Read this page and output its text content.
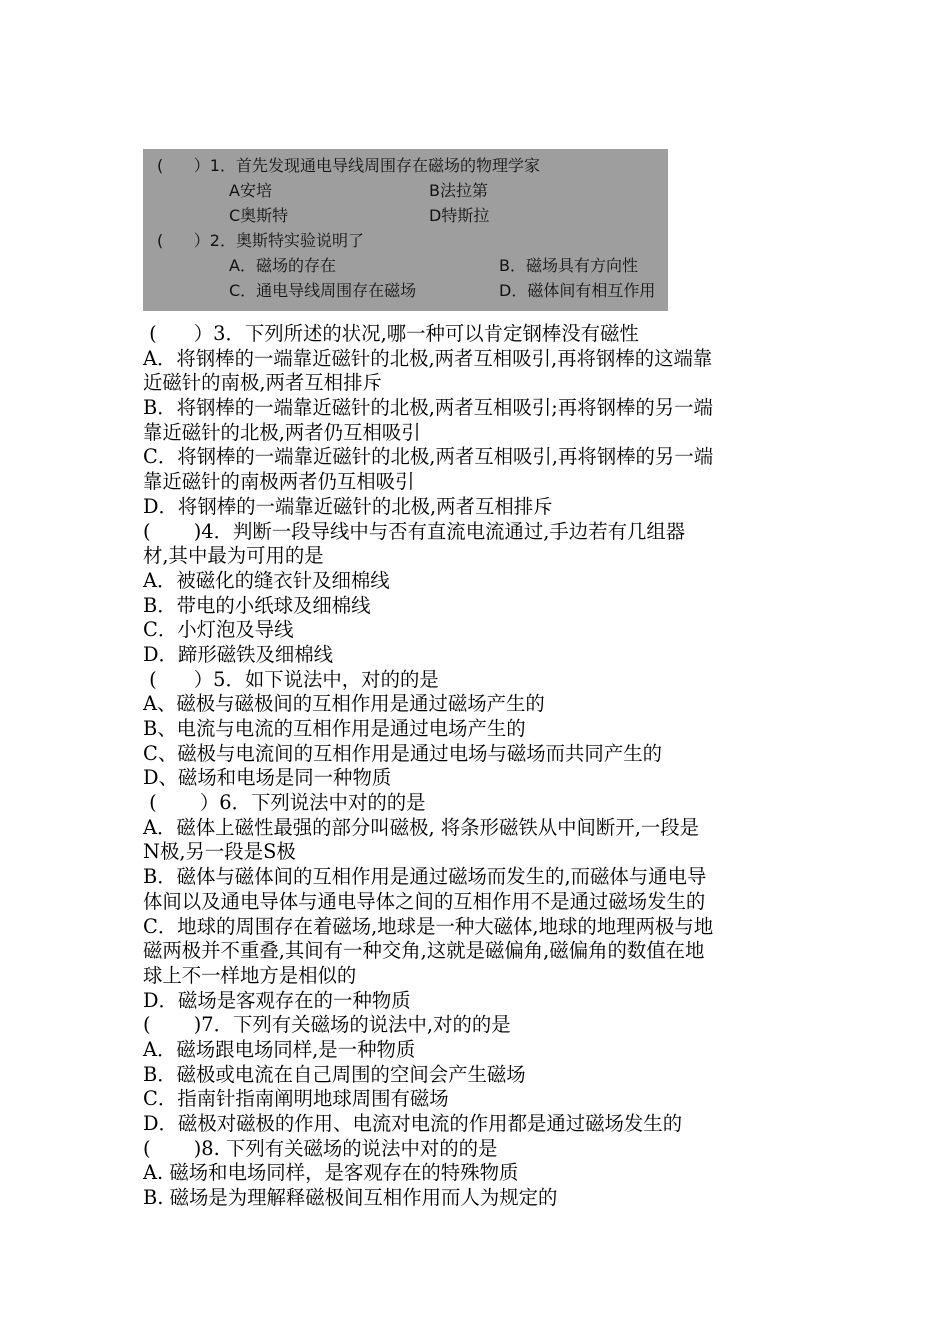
(      ）1．首先发现通电导线周围存在磁场的物理学家
A安培	B法拉第
C奥斯特	D特斯拉
(      ）2．奥斯特实验说明了
A．磁场的存在	B．磁场具有方向性
C．通电导线周围存在磁场	D．磁体间有相互作用
(      ）3．下列所述的状况,哪一种可以肯定钢棒没有磁性
A．将钢棒的一端靠近磁针的北极,两者互相吸引,再将钢棒的这端靠
近磁针的南极,两者互相排斥
B．将钢棒的一端靠近磁针的北极,两者互相吸引;再将钢棒的另一端
靠近磁针的北极,两者仍互相吸引
C．将钢棒的一端靠近磁针的北极,两者互相吸引,再将钢棒的另一端
靠近磁针的南极两者仍互相吸引
D．将钢棒的一端靠近磁针的北极,两者互相排斥
(       )4．判断一段导线中与否有直流电流通过,手边若有几组器
材,其中最为可用的是
A．被磁化的缝衣针及细棉线
B．带电的小纸球及细棉线
C．小灯泡及导线
D．蹄形磁铁及细棉线
(      ）5．如下说法中，对的的是
A、磁极与磁极间的互相作用是通过磁场产生的
B、电流与电流的互相作用是通过电场产生的
C、磁极与电流间的互相作用是通过电场与磁场而共同产生的
D、磁场和电场是同一种物质
(       ）6．下列说法中对的的是
A．磁体上磁性最强的部分叫磁极, 将条形磁铁从中间断开,一段是
N极,另一段是S极
B．磁体与磁体间的互相作用是通过磁场而发生的,而磁体与通电导
体间以及通电导体与通电导体之间的互相作用不是通过磁场发生的
C．地球的周围存在着磁场,地球是一种大磁体,地球的地理两极与地
磁两极并不重叠,其间有一种交角,这就是磁偏角,磁偏角的数值在地
球上不一样地方是相似的
D．磁场是客观存在的一种物质
(       )7．下列有关磁场的说法中,对的的是
A．磁场跟电场同样,是一种物质
B．磁极或电流在自己周围的空间会产生磁场
C．指南针指南阐明地球周围有磁场
D．磁极对磁极的作用、电流对电流的作用都是通过磁场发生的
(       )8. 下列有关磁场的说法中对的的是
A. 磁场和电场同样，是客观存在的特殊物质
B. 磁场是为理解释磁极间互相作用而人为规定的
